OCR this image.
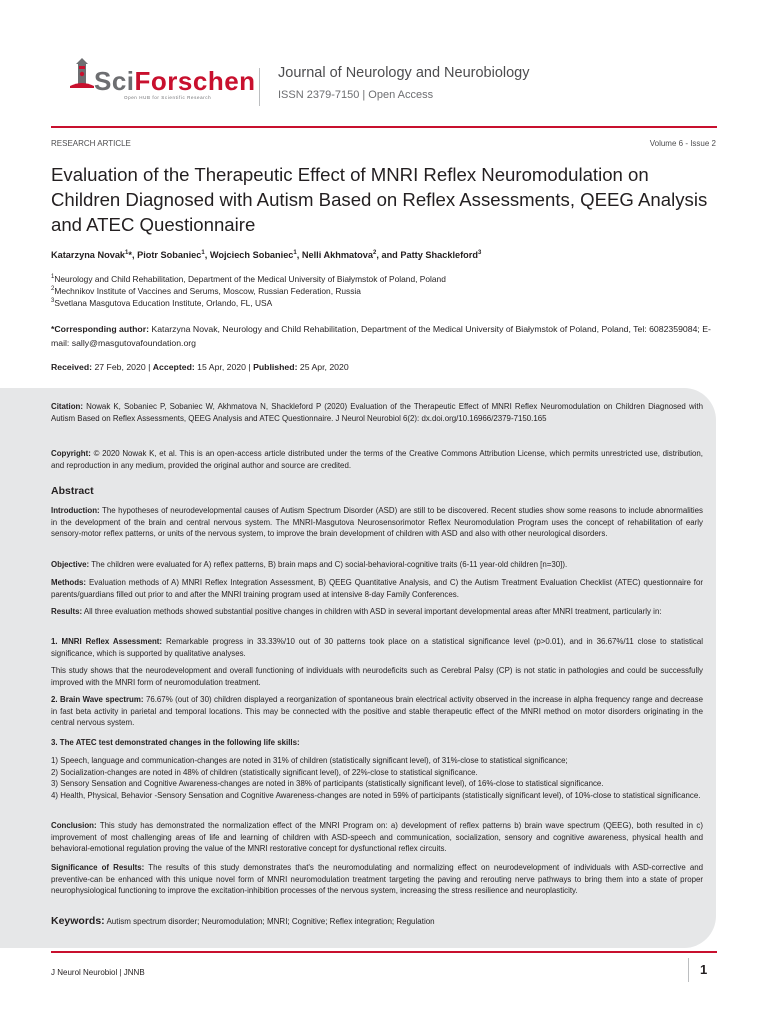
SciForschen
Open HUB for Scientific Research
Journal of Neurology and Neurobiology
ISSN 2379-7150 | Open Access
RESEARCH ARTICLE	Volume 6 - Issue 2
Evaluation of the Therapeutic Effect of MNRI Reflex Neuromodulation on Children Diagnosed with Autism Based on Reflex Assessments, QEEG Analysis and ATEC Questionnaire
Katarzyna Novak$^1$*, Piotr Sobaniec$^1$, Wojciech Sobaniec$^1$, Nelli Akhmatova$^2$, and Patty Shackleford$^3$
$^1$Neurology and Child Rehabilitation, Department of the Medical University of Białymstok of Poland, Poland
$^2$Mechnikov Institute of Vaccines and Serums, Moscow, Russian Federation, Russia
$^3$Svetlana Masgutova Education Institute, Orlando, FL, USA
*Corresponding author: Katarzyna Novak, Neurology and Child Rehabilitation, Department of the Medical University of Białymstok of Poland, Poland, Tel: 6082359084; E-mail: sally@masgutovafoundation.org
Received: 27 Feb, 2020 | Accepted: 15 Apr, 2020 | Published: 25 Apr, 2020

Citation: Nowak K, Sobaniec P, Sobaniec W, Akhmatova N, Shackleford P (2020) Evaluation of the Therapeutic Effect of MNRI Reflex Neuromodulation on Children Diagnosed with Autism Based on Reflex Assessments, QEEG Analysis and ATEC Questionnaire. J Neurol Neurobiol 6(2): dx.doi.org/10.16966/2379-7150.165

Copyright: © 2020 Nowak K, et al. This is an open-access article distributed under the terms of the Creative Commons Attribution License, which permits unrestricted use, distribution, and reproduction in any medium, provided the original author and source are credited.

Abstract

Introduction: The hypotheses of neurodevelopmental causes of Autism Spectrum Disorder (ASD) are still to be discovered. Recent studies show some reasons to include abnormalities in the development of the brain and central nervous system. The MNRI-Masgutova Neurosensorimotor Reflex Neuromodulation Program uses the concept of rehabilitation of early sensory-motor reflex patterns, or units of the nervous system, to improve the brain development of children with ASD and also with other neurological disorders.

Objective: The children were evaluated for A) reflex patterns, B) brain maps and C) social-behavioral-cognitive traits (6-11 year-old children [n=30]).

Methods: Evaluation methods of A) MNRI Reflex Integration Assessment, B) QEEG Quantitative Analysis, and C) the Autism Treatment Evaluation Checklist (ATEC) questionnaire for parents/guardians filled out prior to and after the MNRI training program used at intensive 8-day Family Conferences.

Results: All three evaluation methods showed substantial positive changes in children with ASD in several important developmental areas after MNRI treatment, particularly in:

1. MNRI Reflex Assessment: Remarkable progress in 33.33%/10 out of 30 patterns took place on a statistical significance level (p>0.01), and in 36.67%/11 close to statistical significance, which is supported by qualitative analyses.

This study shows that the neurodevelopment and overall functioning of individuals with neurodeficits such as Cerebral Palsy (CP) is not static in pathologies and could be successfully improved with the MNRI form of neuromodulation treatment.

2. Brain Wave spectrum: 76.67% (out of 30) children displayed a reorganization of spontaneous brain electrical activity observed in the increase in alpha frequency range and decrease in fast beta activity in parietal and temporal locations. This may be connected with the positive and stable therapeutic effect of the MNRI method on motor disorders originating in the central nervous system.

3. The ATEC test demonstrated changes in the following life skills:

1) Speech, language and communication-changes are noted in 31% of children (statistically significant level), of 31%-close to statistical significance;

2) Socialization-changes are noted in 48% of children (statistically significant level), of 22%-close to statistical significance.

3) Sensory Sensation and Cognitive Awareness-changes are noted in 38% of participants (statistically significant level), of 16%-close to statistical significance.

4) Health, Physical, Behavior -Sensory Sensation and Cognitive Awareness-changes are noted in 59% of participants (statistically significant level), of 10%-close to statistical significance.

Conclusion: This study has demonstrated the normalization effect of the MNRI Program on: a) development of reflex patterns b) brain wave spectrum (QEEG), both resulted in c) improvement of most challenging areas of life and learning of children with ASD-speech and communication, socialization, sensory and cognitive awareness, physical health and behavioral-emotional regulation proving the value of the MNRI restorative concept for dysfunctional reflex circuits.

Significance of Results: The results of this study demonstrates that's the neuromodulating and normalizing effect on neurodevelopment of individuals with ASD-corrective and preventive-can be enhanced with this unique novel form of MNRI neuromodulation treatment targeting the paving and rerouting nerve pathways to bring them into a state of proper neurophysiological functioning to improve the excitation-inhibition processes of the nervous system, increasing the stress resilience and neuroplasticity.

Keywords: Autism spectrum disorder; Neuromodulation; MNRI; Cognitive; Reflex integration; Regulation
J Neurol Neurobiol | JNNB	1
